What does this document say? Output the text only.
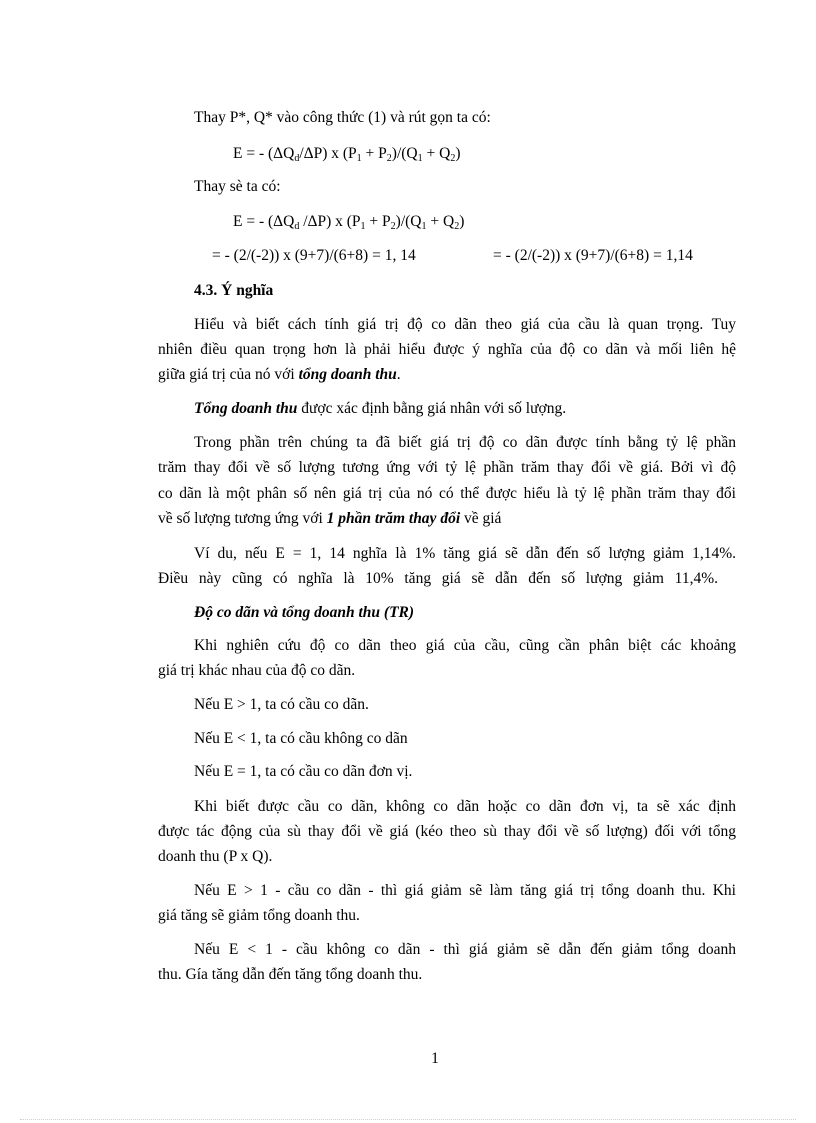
Thay P*, Q* vào công thức (1) và rút gọn ta có:

E = - $(\Delta Q_d/\Delta P)$ x $(P_1 + P_2)/(Q_1 + Q_2)$

Thay sè ta có:

E = - ($\Delta Q_d$ /ΔP) x $(P_1 + P_2)/(Q_1 + Q_2)$

= - (2/(-2)) x (9+7)/(6+8) = 1, 14	= - (2/(-2)) x (9+7)/(6+8) = 1,14

4.3. Ý nghĩa

Hiểu và biết cách tính giá trị độ co dãn theo giá của cầu là quan trọng. Tuy

nhiên điều quan trọng hơn là phải hiểu được ý nghĩa của độ co dãn và mối liên hệ

giữa giá trị của nó với tổng doanh thu.

Tổng doanh thu được xác định bằng giá nhân với số lượng.

Trong phần trên chúng ta đã biết giá trị độ co dãn được tính bằng tỷ lệ phần

trăm thay đổi về số lượng tương ứng với tỷ lệ phần trăm thay đổi về giá. Bởi vì độ

co dãn là một phân số nên giá trị của nó có thể được hiểu là tỷ lệ phần trăm thay đổi

về số lượng tương ứng với 1 phần trăm thay đổi về giá

Ví du, nếu E = 1, 14 nghĩa là 1% tăng giá sẽ dẫn đến số lượng giảm 1,14%.

Điều này cũng có nghĩa là 10% tăng giá sẽ dẫn đến số lượng giảm 11,4%.

Độ co dãn và tổng doanh thu (TR)

Khi nghiên cứu độ co dãn theo giá của cầu, cũng cần phân biệt các khoảng

giá trị khác nhau của độ co dãn.

Nếu E > 1, ta có cầu co dãn.

Nếu E < 1, ta có cầu không co dãn

Nếu E = 1, ta có cầu co dãn đơn vị.

Khi biết được cầu co dãn, không co dãn hoặc co dãn đơn vị, ta sẽ xác định

được tác động của sù thay đổi về giá (kéo theo sù thay đổi về số lượng) đối với tổng

doanh thu (P x Q).

Nếu E > 1 - cầu co dãn - thì giá giảm sẽ làm tăng giá trị tổng doanh thu. Khi

giá tăng sẽ giảm tổng doanh thu.

Nếu E < 1 - cầu không co dãn - thì giá giảm sẽ dẫn đến giảm tổng doanh

thu. Gía tăng dẫn đến tăng tổng doanh thu.

1
